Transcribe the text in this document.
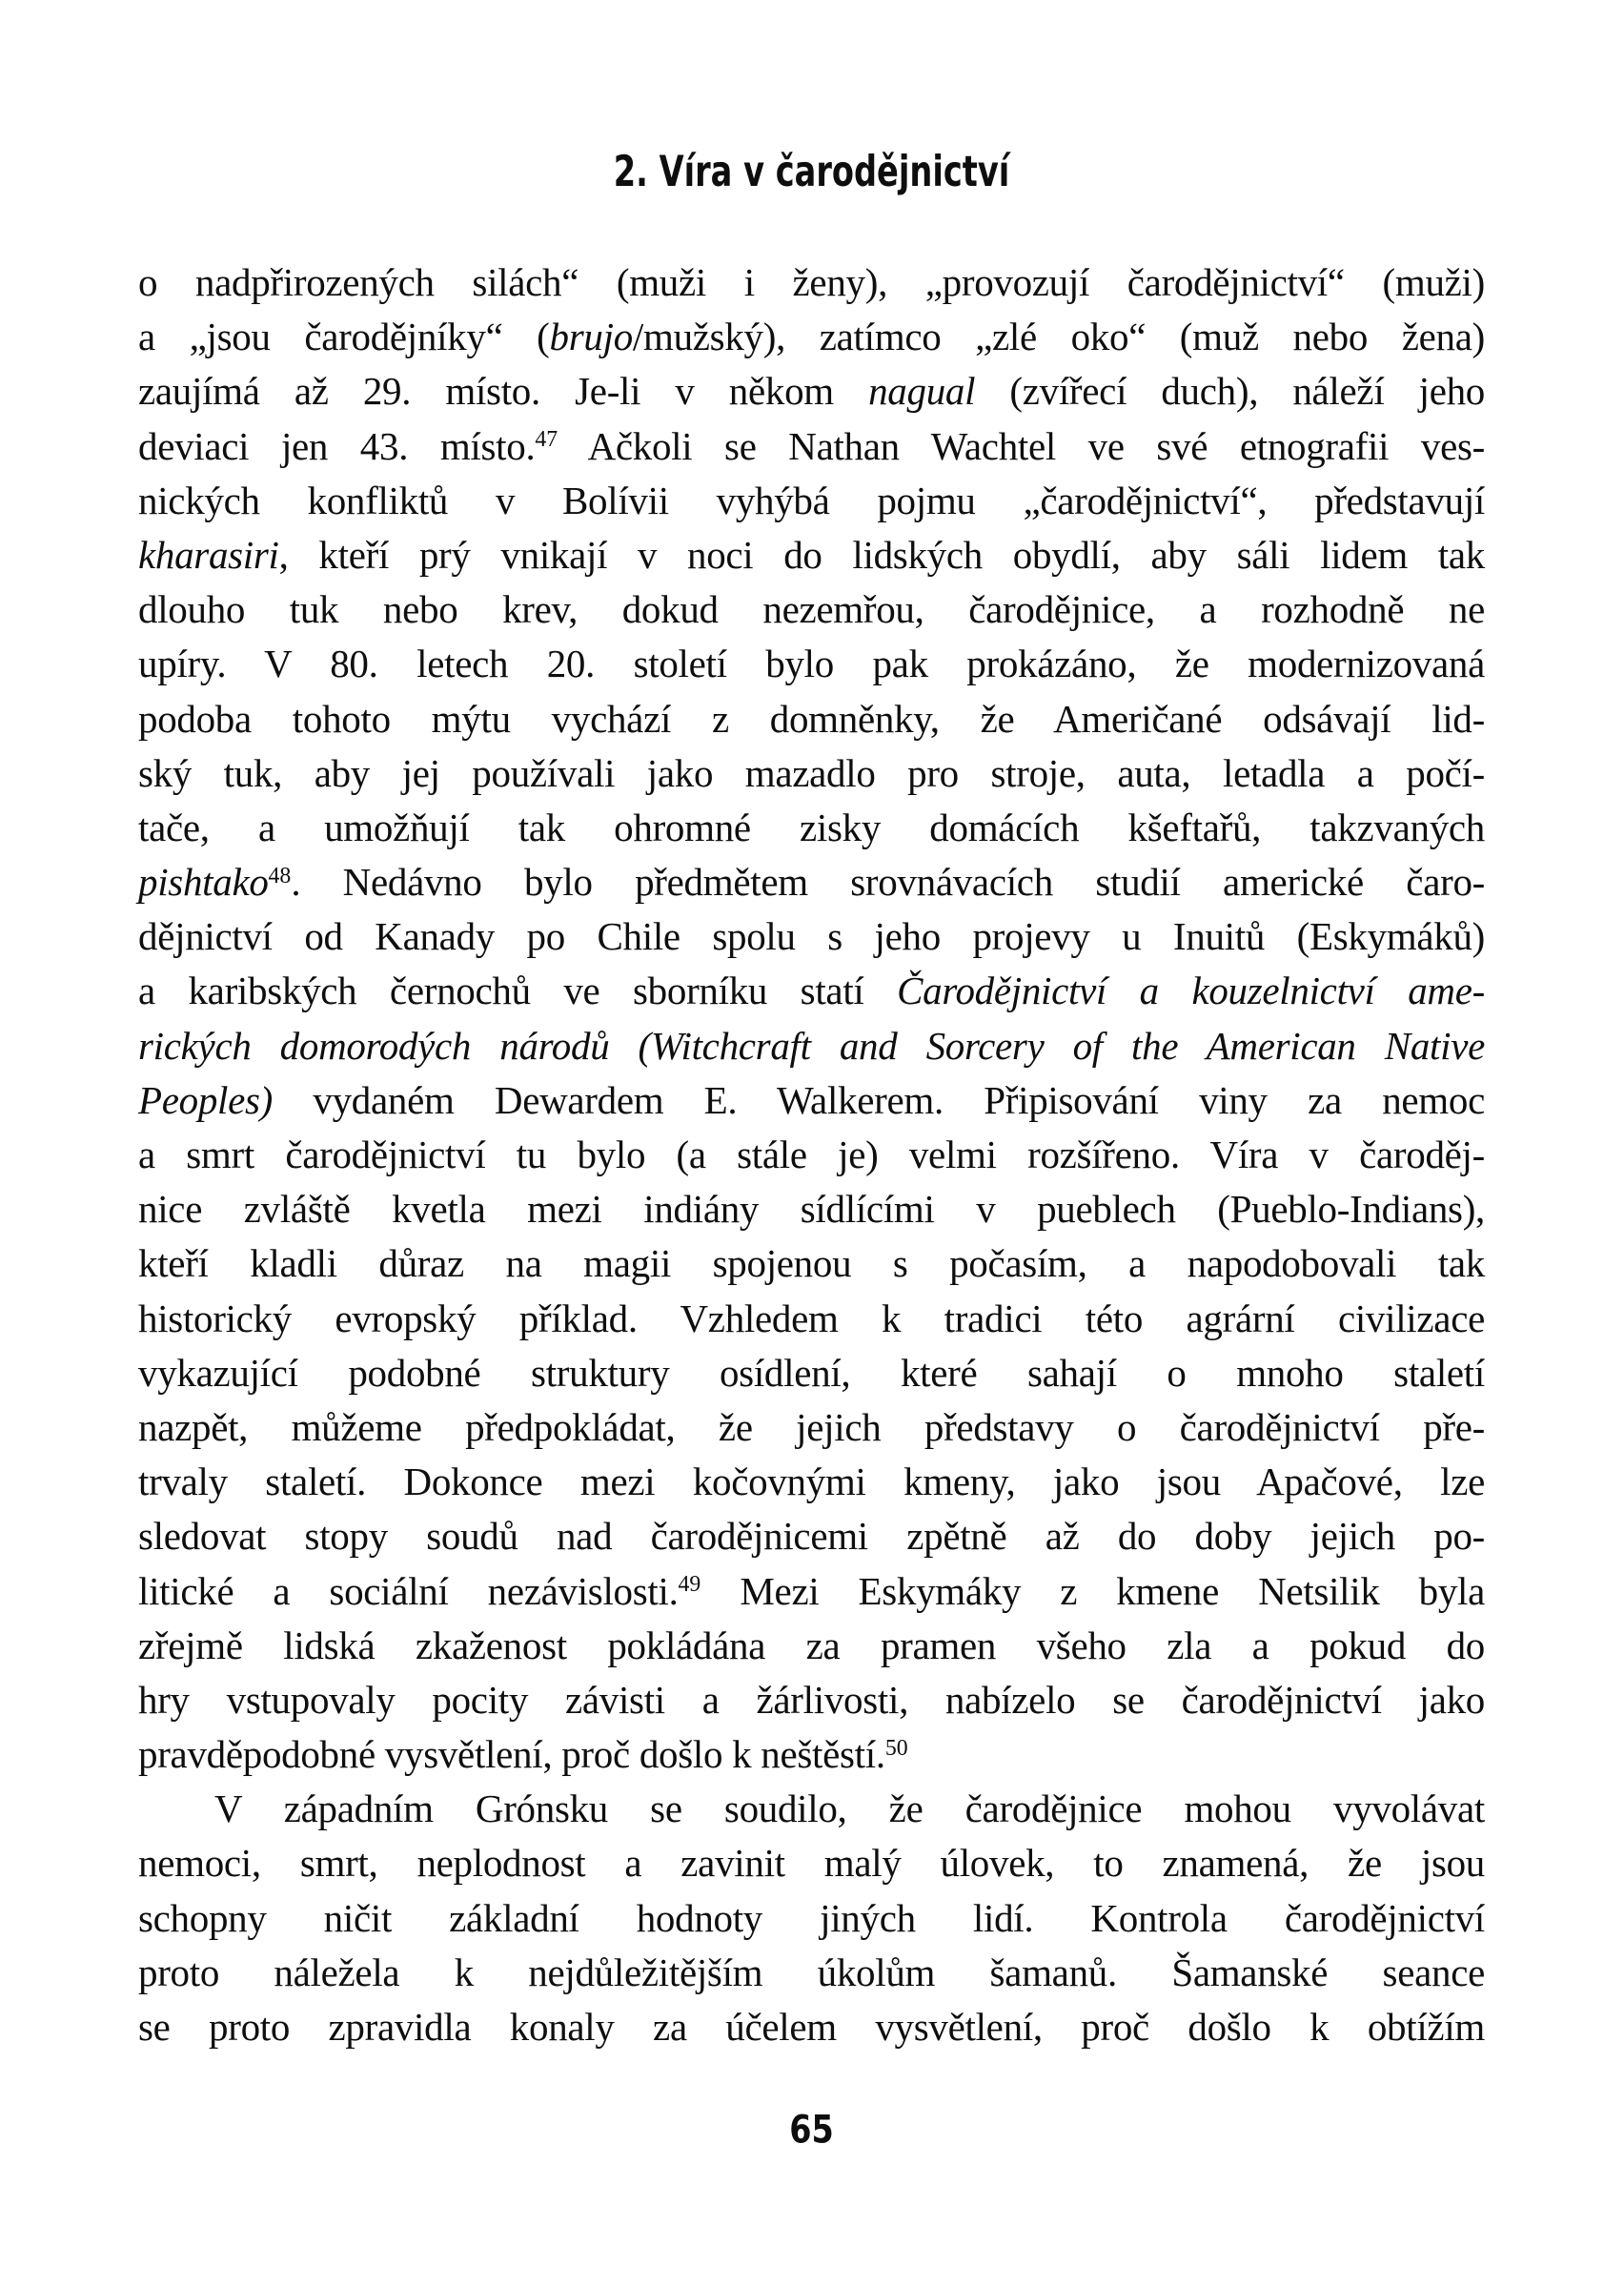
2. Víra v čarodějnictví
o nadpřirozených silách“ (muži i ženy), „provozují čarodějnictví“ (muži)
a „jsou čarodějníky“ (brujo/mužský), zatímco „zlé oko“ (muž nebo žena)
zaujímá až 29. místo. Je-li v někom nagual (zvířecí duch), náleží jeho
deviaci jen 43. místo.$^{47}$ Ačkoli se Nathan Wachtel ve své etnografii ves-
nických konfliktů v Bolívii vyhýbá pojmu „čarodějnictví“, představují
kharasiri, kteří prý vnikají v noci do lidských obydlí, aby sáli lidem tak
dlouho tuk nebo krev, dokud nezemřou, čarodějnice, a rozhodně ne
upíry. V 80. letech 20. století bylo pak prokázáno, že modernizovaná
podoba tohoto mýtu vychází z domněnky, že Američané odsávají lid-
ský tuk, aby jej používali jako mazadlo pro stroje, auta, letadla a počí-
tače, a umožňují tak ohromné zisky domácích kšeftařů, takzvaných
pishtako$^{48}$. Nedávno bylo předmětem srovnávacích studií americké čaro-
dějnictví od Kanady po Chile spolu s jeho projevy u Inuitů (Eskymáků)
a karibských černochů ve sborníku statí Čarodějnictví a kouzelnictví ame-
rických domorodých národů (Witchcraft and Sorcery of the American Native
Peoples) vydaném Dewardem E. Walkerem. Připisování viny za nemoc
a smrt čarodějnictví tu bylo (a stále je) velmi rozšířeno. Víra v čaroděj-
nice zvláště kvetla mezi indiány sídlícími v pueblech (Pueblo-Indians),
kteří kladli důraz na magii spojenou s počasím, a napodobovali tak
historický evropský příklad. Vzhledem k tradici této agrární civilizace
vykazující podobné struktury osídlení, které sahají o mnoho staletí
nazpět, můžeme předpokládat, že jejich představy o čarodějnictví pře-
trvaly staletí. Dokonce mezi kočovnými kmeny, jako jsou Apačové, lze
sledovat stopy soudů nad čarodějnicemi zpětně až do doby jejich po-
litické a sociální nezávislosti.$^{49}$ Mezi Eskymáky z kmene Netsilik byla
zřejmě lidská zkaženost pokládána za pramen všeho zla a pokud do
hry vstupovaly pocity závisti a žárlivosti, nabízelo se čarodějnictví jako
pravděpodobné vysvětlení, proč došlo k neštěstí.$^{50}$
V západním Grónsku se soudilo, že čarodějnice mohou vyvolávat
nemoci, smrt, neplodnost a zavinit malý úlovek, to znamená, že jsou
schopny ničit základní hodnoty jiných lidí. Kontrola čarodějnictví
proto náležela k nejdůležitějším úkolům šamanů. Šamanské seance
se proto zpravidla konaly za účelem vysvětlení, proč došlo k obtížím
65
